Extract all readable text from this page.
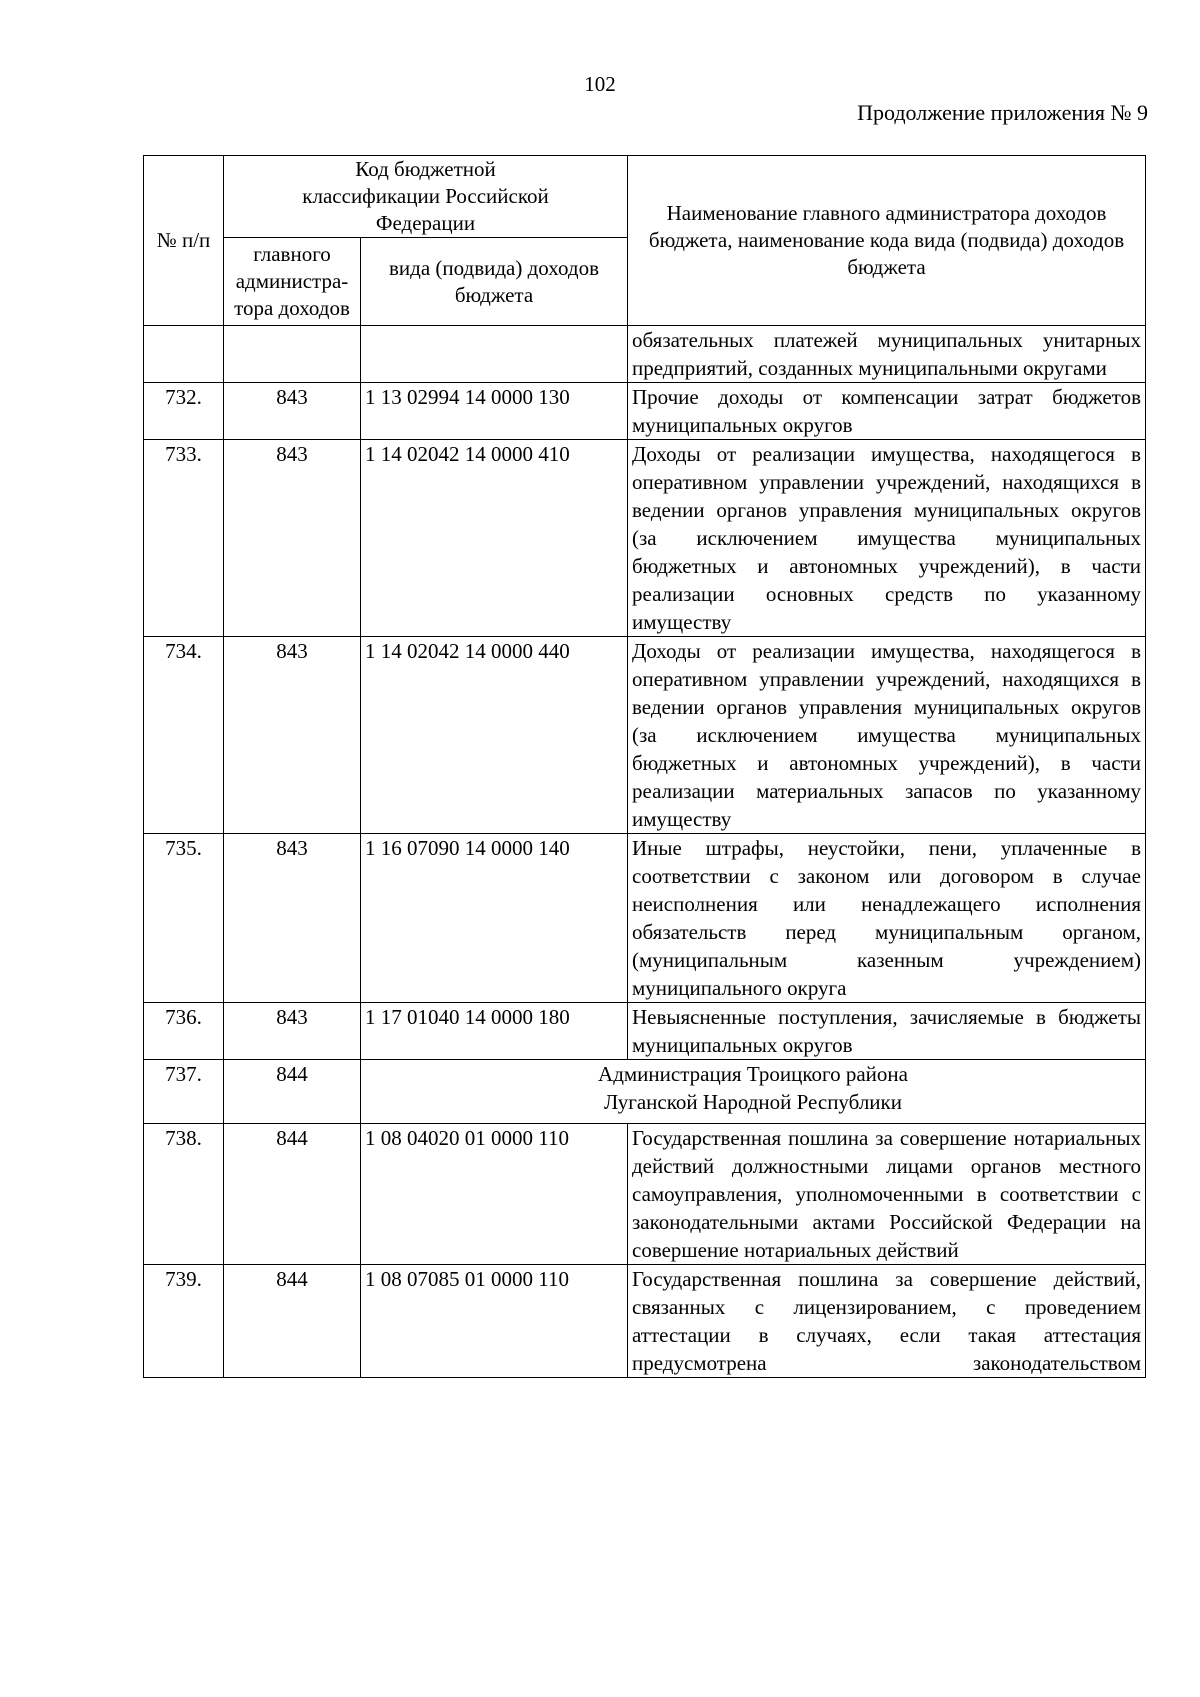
102
Продолжение приложения № 9
№ п/п	Код бюджетной классификации Российской Федерации		Наименование главного администратора доходов бюджета, наименование кода вида (подвида) доходов бюджета
	главного администра-тора доходов	вида (подвида) доходов бюджета	
			обязательных платежей муниципальных унитарных предприятий, созданных муниципальными округами
732.	843	1 13 02994 14 0000 130	Прочие доходы от компенсации затрат бюджетов муниципальных округов
733.	843	1 14 02042 14 0000 410	Доходы от реализации имущества, находящегося в оперативном управлении учреждений, находящихся в ведении органов управления муниципальных округов (за исключением имущества муниципальных бюджетных и автономных учреждений), в части реализации основных средств по указанному имуществу
734.	843	1 14 02042 14 0000 440	Доходы от реализации имущества, находящегося в оперативном управлении учреждений, находящихся в ведении органов управления муниципальных округов (за исключением имущества муниципальных бюджетных и автономных учреждений), в части реализации материальных запасов по указанному имуществу
735.	843	1 16 07090 14 0000 140	Иные штрафы, неустойки, пени, уплаченные в соответствии с законом или договором в случае неисполнения или ненадлежащего исполнения обязательств перед муниципальным органом, (муниципальным казенным учреждением) муниципального округа
736.	843	1 17 01040 14 0000 180	Невыясненные поступления, зачисляемые в бюджеты муниципальных округов
737.	844	Администрация Троицкого района
Луганской Народной Республики	

738.	844	1 08 04020 01 0000 110	Государственная пошлина за совершение нотариальных действий должностными лицами органов местного самоуправления, уполномоченными в соответствии с законодательными актами Российской Федерации на совершение нотариальных действий
739.	844	1 08 07085 01 0000 110	Государственная пошлина за совершение действий, связанных с лицензированием, с проведением аттестации в случаях, если такая аттестация предусмотрена законодательством
